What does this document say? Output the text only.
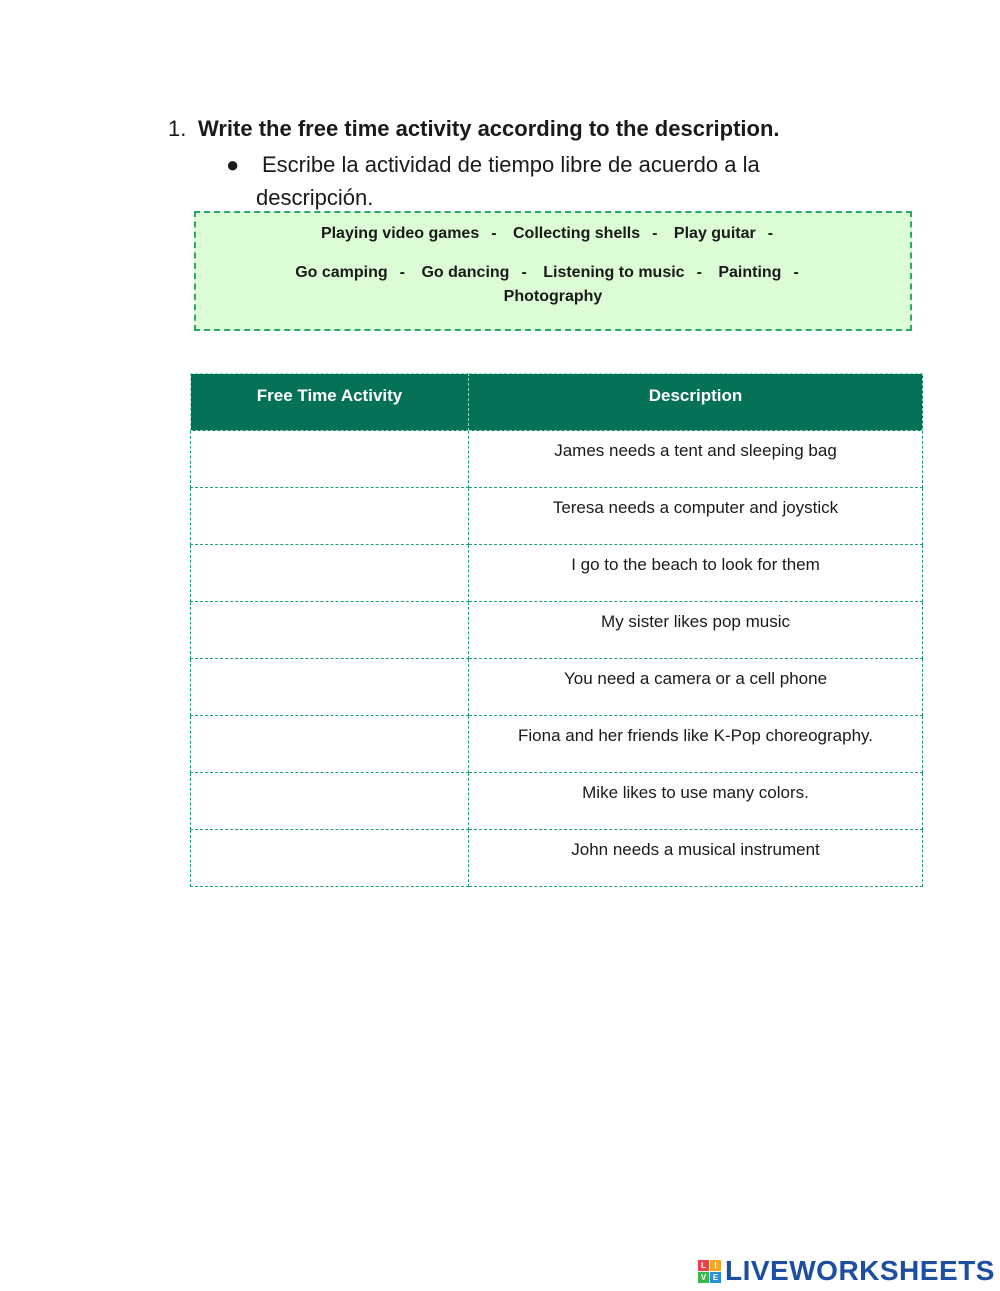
1. Write the free time activity according to the description.
●	Escribe la actividad de tiempo libre de acuerdo a la descripción.
Playing video games - Collecting shells - Play guitar -
Go camping - Go dancing - Listening to music - Painting - Photography
Free Time Activity	Description
	James needs a tent and sleeping bag
	Teresa needs a computer and joystick
	I go to the beach to look for them
	My sister likes pop music
	You need a camera or a cell phone
	Fiona and her friends like K-Pop choreography.
	Mike likes to use many colors.
	John needs a musical instrument
L	I
V E LIVEWORKSHEETS
